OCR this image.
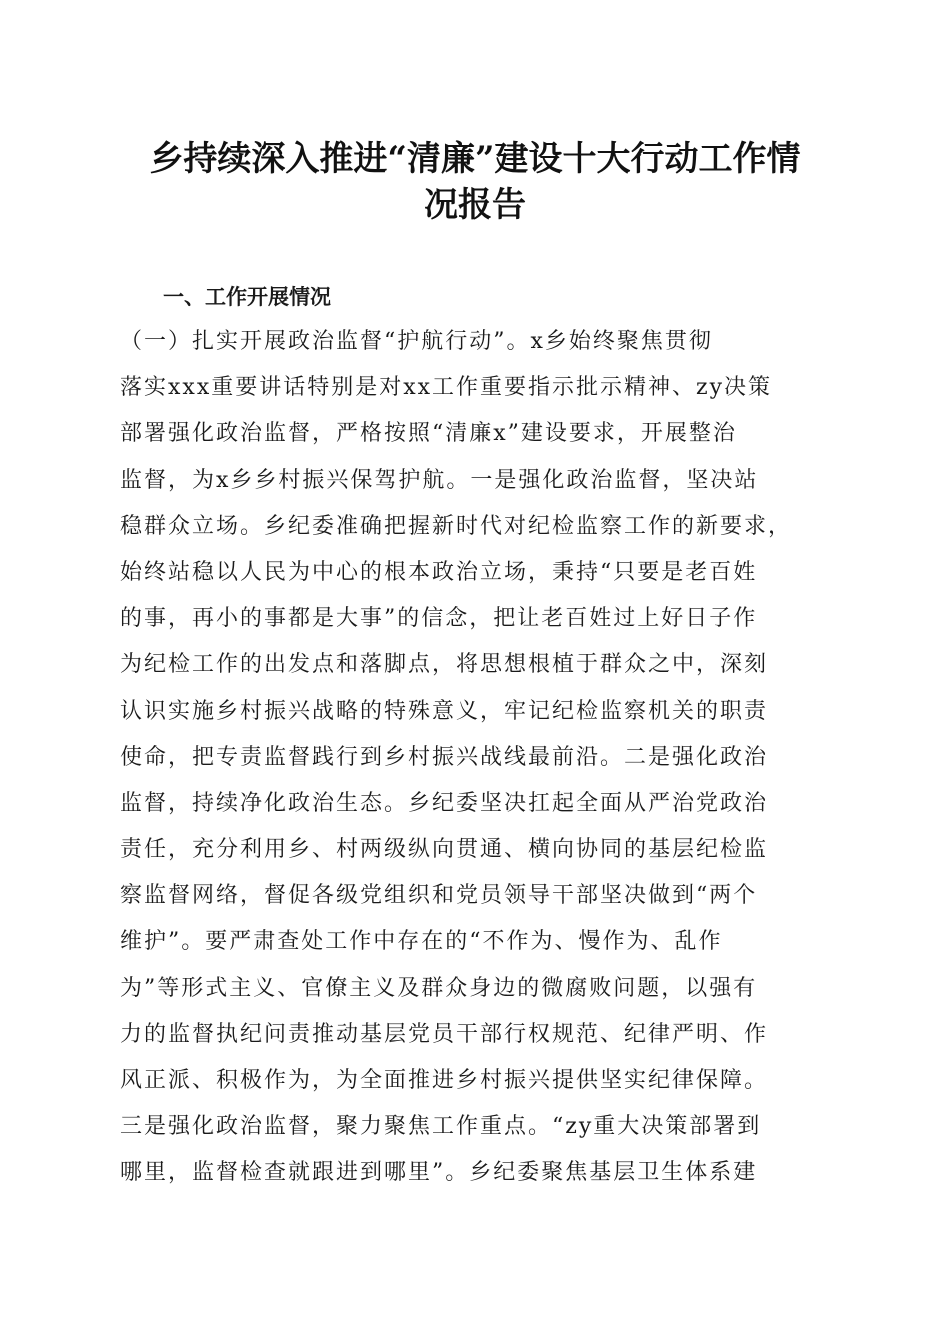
乡持续深入推进“清廉”建设十大行动工作情
况报告
一、工作开展情况
（一）扎实开展政治监督“护航行动”。x乡始终聚焦贯彻
落实xxx重要讲话特别是对xx工作重要指示批示精神、zy决策
部署强化政治监督，严格按照“清廉x”建设要求，开展整治
监督，为x乡乡村振兴保驾护航。一是强化政治监督，坚决站
稳群众立场。乡纪委准确把握新时代对纪检监察工作的新要求，
始终站稳以人民为中心的根本政治立场，秉持“只要是老百姓
的事，再小的事都是大事”的信念，把让老百姓过上好日子作
为纪检工作的出发点和落脚点，将思想根植于群众之中，深刻
认识实施乡村振兴战略的特殊意义，牢记纪检监察机关的职责
使命，把专责监督践行到乡村振兴战线最前沿。二是强化政治
监督，持续净化政治生态。乡纪委坚决扛起全面从严治党政治
责任，充分利用乡、村两级纵向贯通、横向协同的基层纪检监
察监督网络，督促各级党组织和党员领导干部坚决做到“两个
维护”。要严肃查处工作中存在的“不作为、慢作为、乱作
为”等形式主义、官僚主义及群众身边的微腐败问题，以强有
力的监督执纪问责推动基层党员干部行权规范、纪律严明、作
风正派、积极作为，为全面推进乡村振兴提供坚实纪律保障。
三是强化政治监督，聚力聚焦工作重点。“zy重大决策部署到
哪里，监督检查就跟进到哪里”。乡纪委聚焦基层卫生体系建
